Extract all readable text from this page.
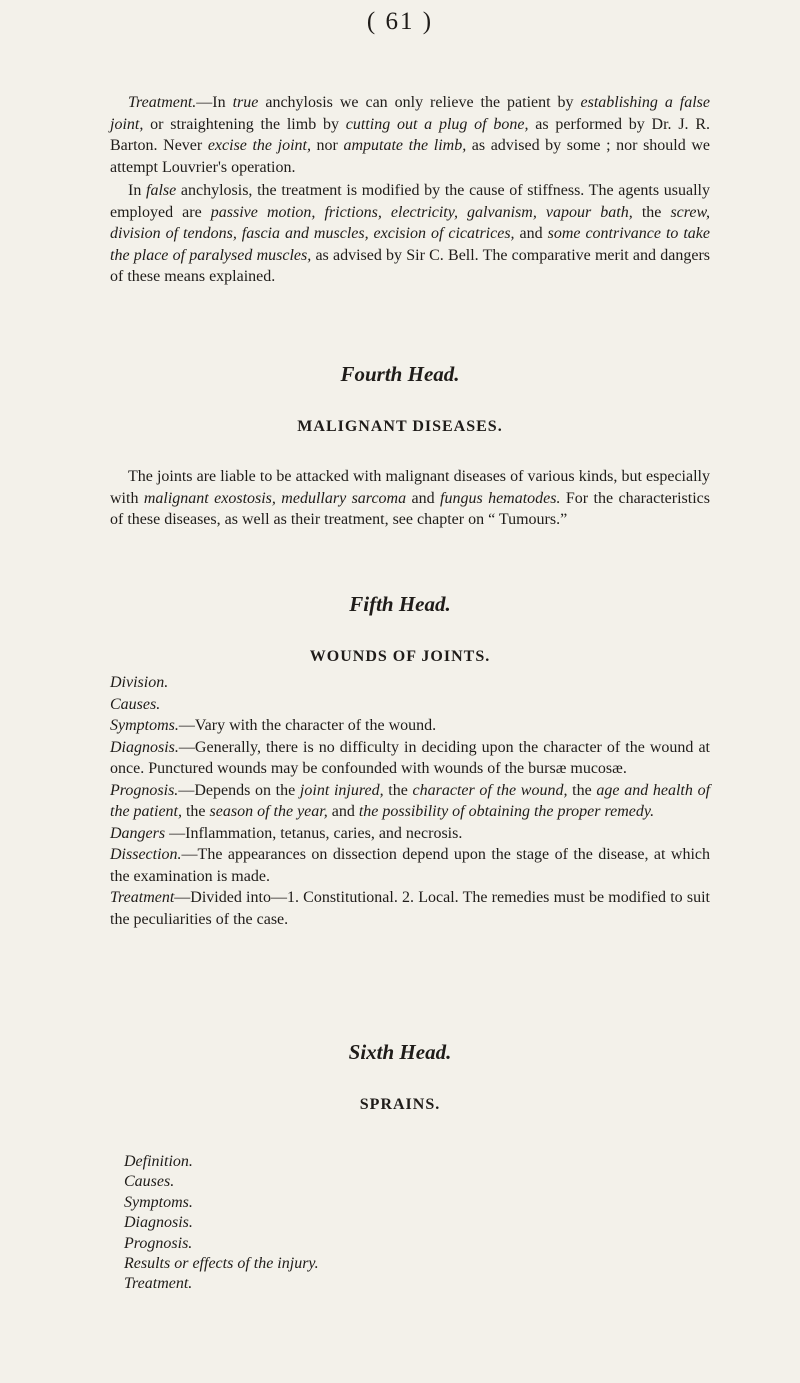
( 61 )

Treatment.—In true anchylosis we can only relieve the patient by establishing a false joint, or straightening the limb by cutting out a plug of bone, as performed by Dr. J. R. Barton. Never excise the joint, nor amputate the limb, as advised by some ; nor should we attempt Louvrier's operation.

In false anchylosis, the treatment is modified by the cause of stiffness. The agents usually employed are passive motion, frictions, electricity, galvanism, vapour bath, the screw, division of tendons, fascia and muscles, excision of cicatrices, and some contrivance to take the place of paralysed muscles, as advised by Sir C. Bell. The comparative merit and dangers of these means explained.

Fourth Head.
MALIGNANT DISEASES.

The joints are liable to be attacked with malignant diseases of various kinds, but especially with malignant exostosis, medullary sarcoma and fungus hematodes. For the characteristics of these diseases, as well as their treatment, see chapter on “ Tumours.”

Fifth Head.
WOUNDS OF JOINTS.
Division.
Causes.
Symptoms.—Vary with the character of the wound.
Diagnosis.—Generally, there is no difficulty in deciding upon the character of the wound at once. Punctured wounds may be confounded with wounds of the bursæ mucosæ.
Prognosis.—Depends on the joint injured, the character of the wound, the age and health of the patient, the season of the year, and the possibility of obtaining the proper remedy.
Dangers —Inflammation, tetanus, caries, and necrosis.
Dissection.—The appearances on dissection depend upon the stage of the disease, at which the examination is made.
Treatment—Divided into—1. Constitutional. 2. Local. The remedies must be modified to suit the peculiarities of the case.
Sixth Head.
SPRAINS.
Definition.
Causes.
Symptoms.
Diagnosis.
Prognosis.
Results or effects of the injury.
Treatment.
